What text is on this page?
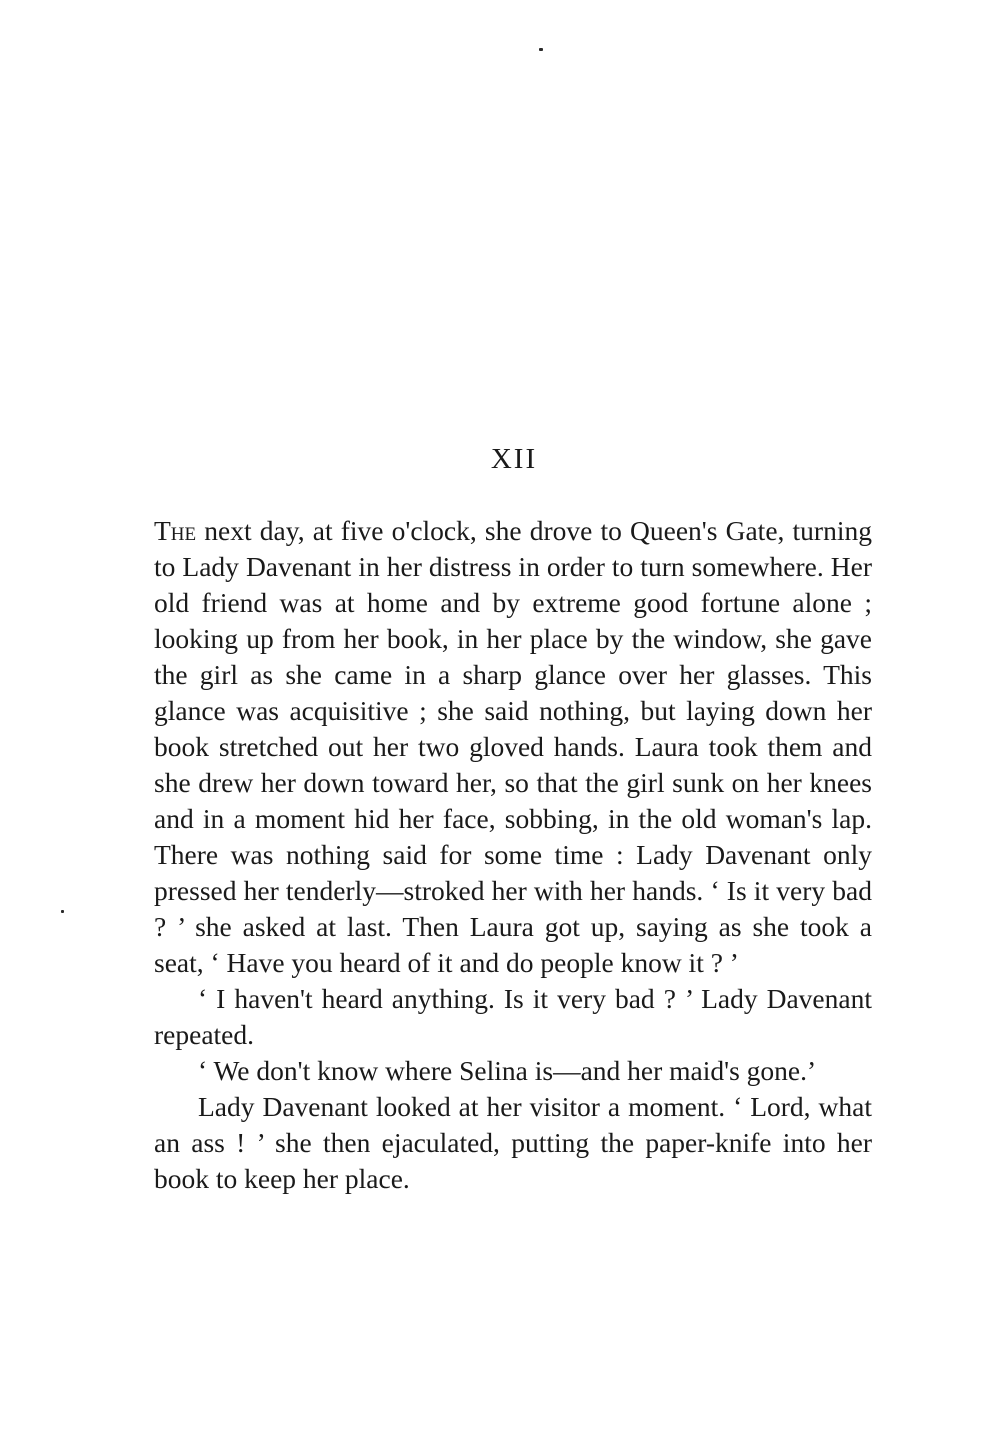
XII

The next day, at five o'clock, she drove to Queen's Gate, turning to Lady Davenant in her distress in order to turn somewhere. Her old friend was at home and by extreme good fortune alone ; looking up from her book, in her place by the window, she gave the girl as she came in a sharp glance over her glasses. This glance was acquisitive ; she said nothing, but laying down her book stretched out her two gloved hands. Laura took them and she drew her down toward her, so that the girl sunk on her knees and in a moment hid her face, sobbing, in the old woman's lap. There was nothing said for some time : Lady Davenant only pressed her tenderly—stroked her with her hands. ‘ Is it very bad ? ’ she asked at last. Then Laura got up, saying as she took a seat, ‘ Have you heard of it and do people know it ? ’

‘ I haven't heard anything. Is it very bad ? ’ Lady Davenant repeated.

‘ We don't know where Selina is—and her maid's gone.’

Lady Davenant looked at her visitor a moment. ‘ Lord, what an ass ! ’ she then ejaculated, putting the paper-knife into her book to keep her place.
